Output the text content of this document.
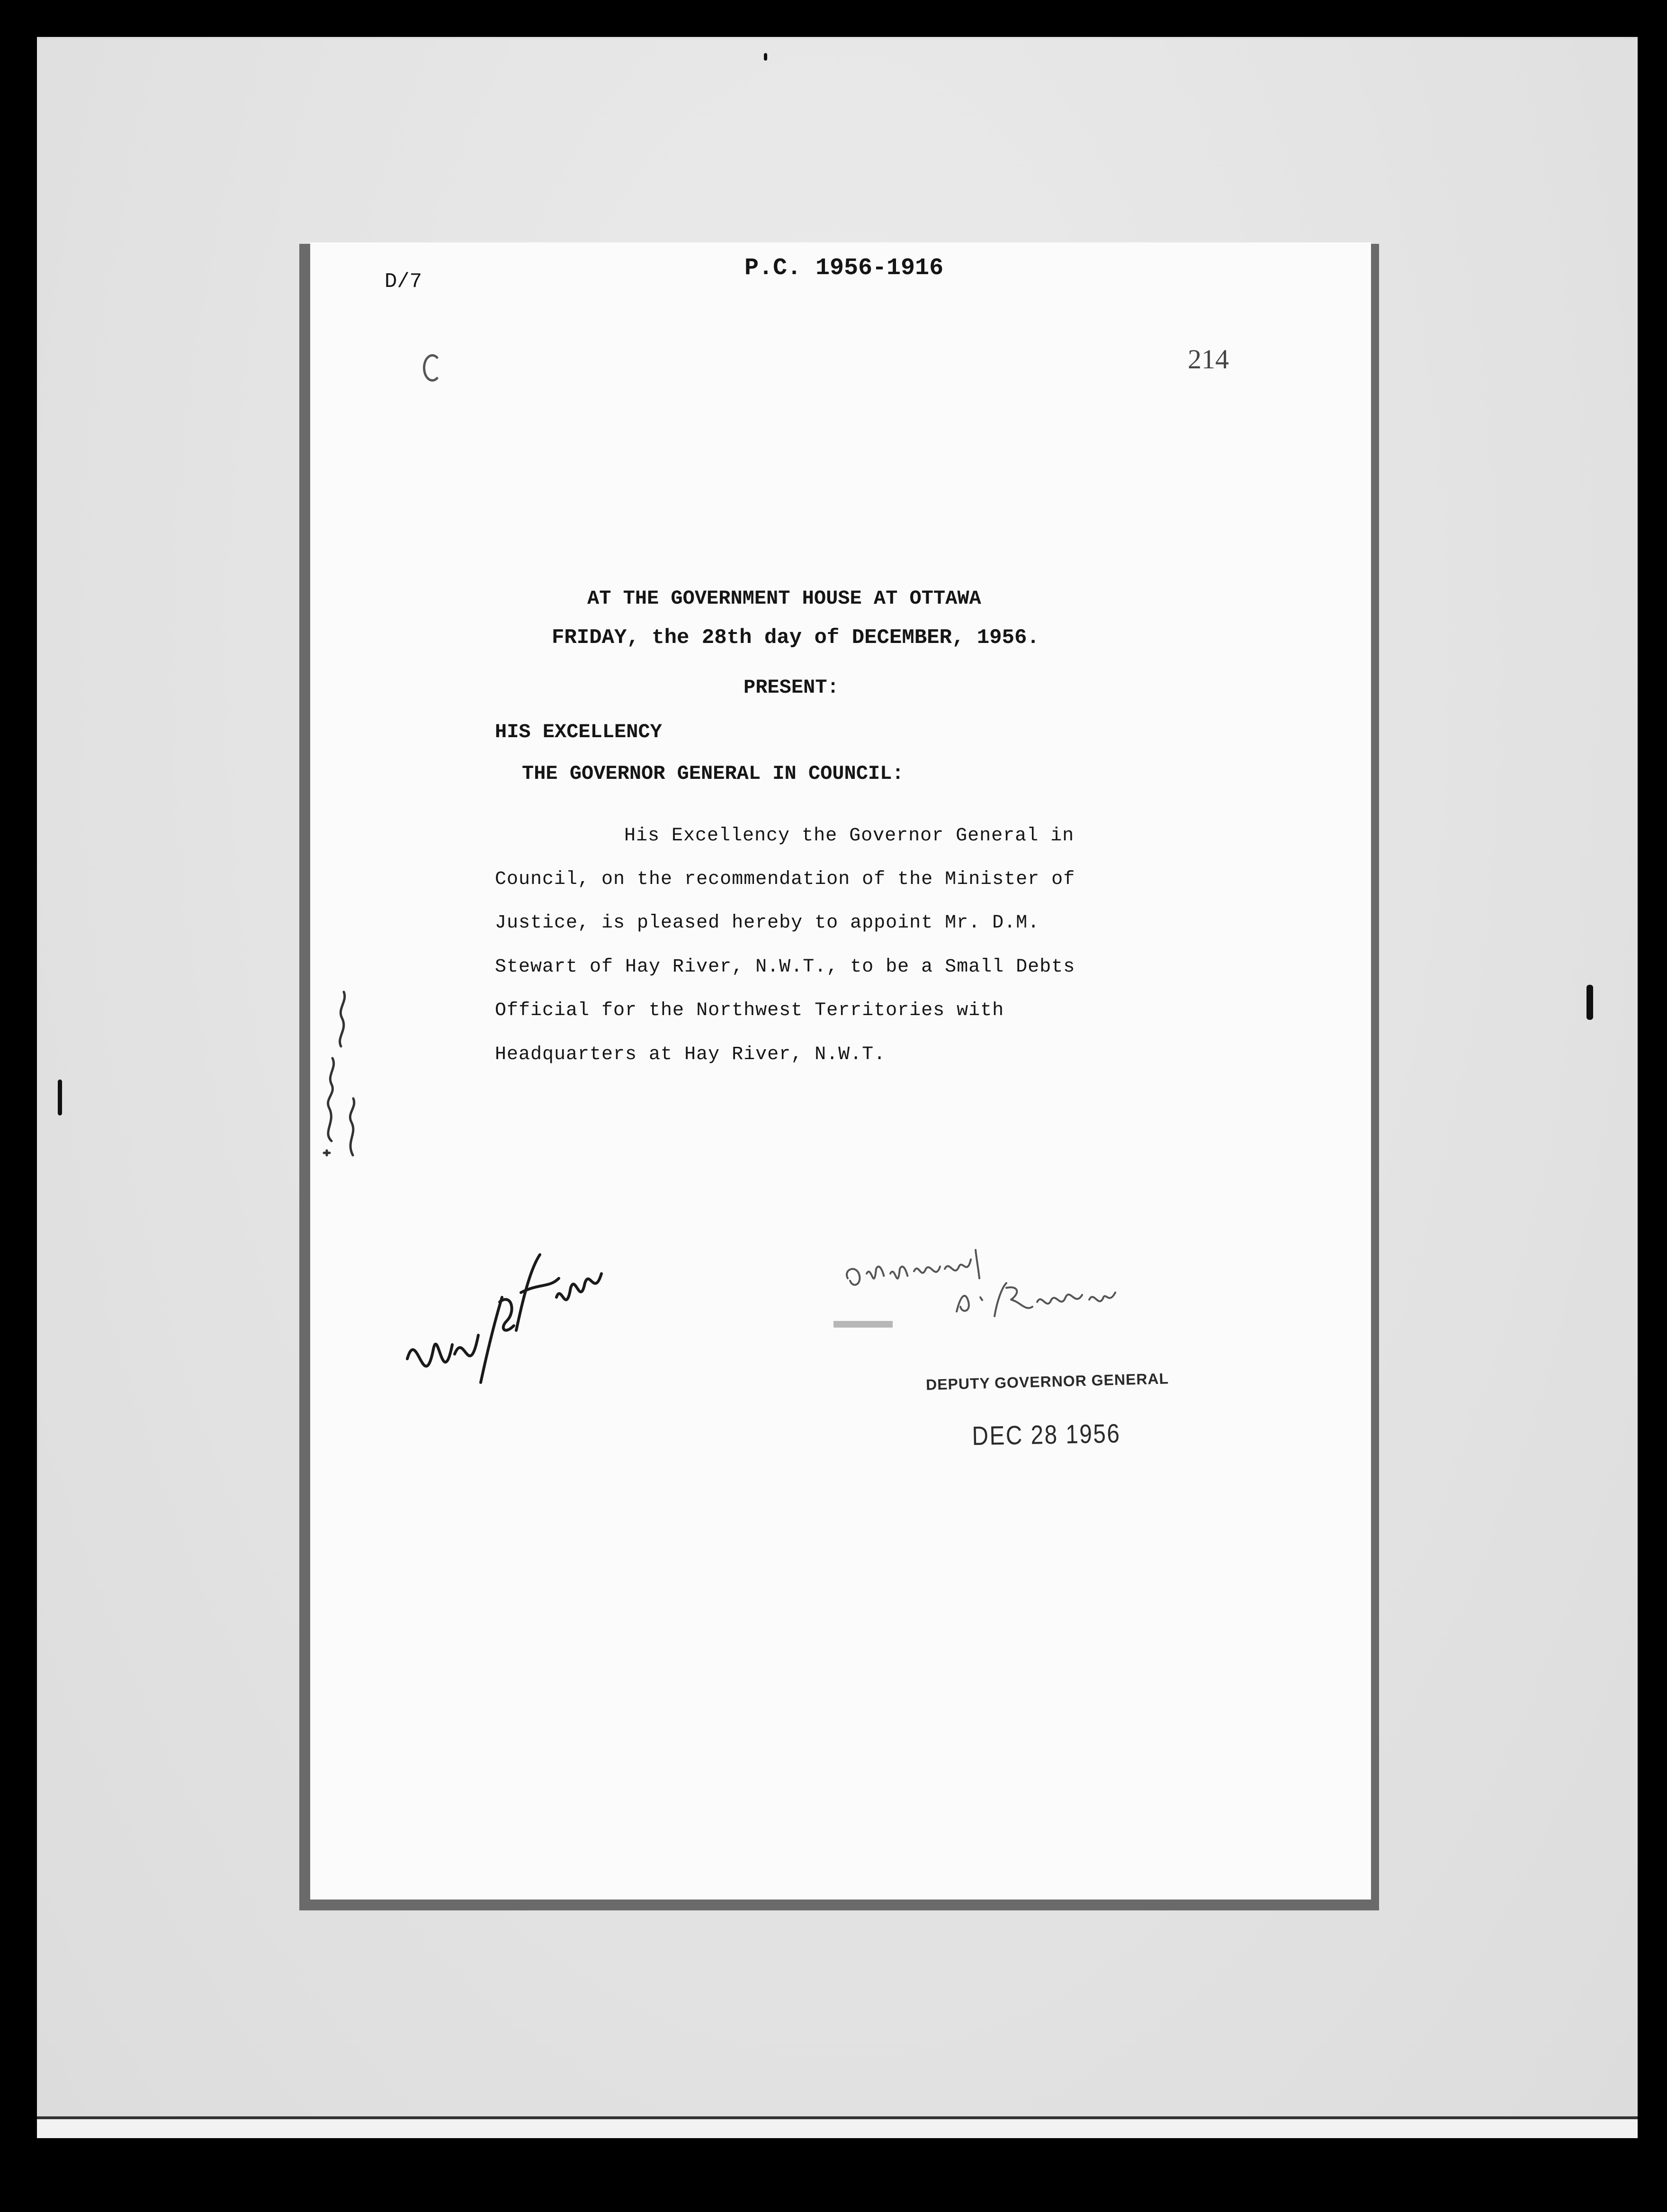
D/7	P.C. 1956-1916
214
AT THE GOVERNMENT HOUSE AT OTTAWA
FRIDAY, the 28th day of DECEMBER, 1956.
PRESENT:
HIS EXCELLENCY
THE GOVERNOR GENERAL IN COUNCIL:
His Excellency the Governor General in
Council, on the recommendation of the Minister of
Justice, is pleased hereby to appoint Mr. D.M.
Stewart of Hay River, N.W.T., to be a Small Debts
Official for the Northwest Territories with
Headquarters at Hay River, N.W.T.
DEPUTY GOVERNOR GENERAL
DEC 28 1956
